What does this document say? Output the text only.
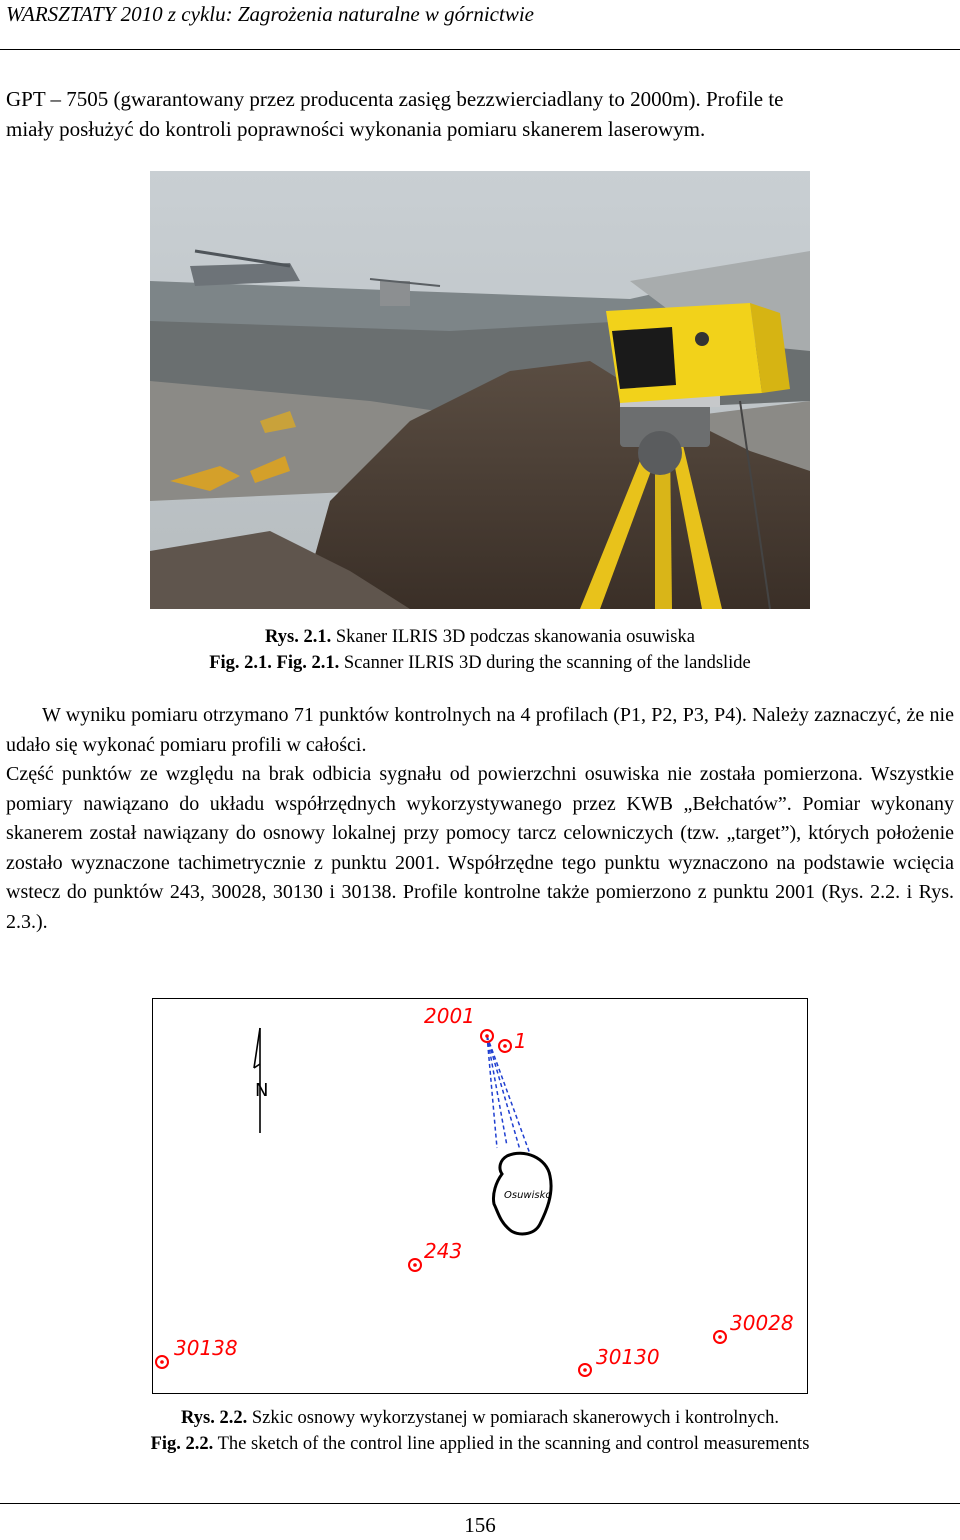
WARSZTATY 2010 z cyklu: Zagrożenia naturalne w górnictwie
GPT – 7505 (gwarantowany przez producenta zasięg bezzwierciadlany to 2000m). Profile te
miały posłużyć do kontroli poprawności wykonania pomiaru skanerem laserowym.
Rys. 2.1. Skaner ILRIS 3D podczas skanowania osuwiska
Fig. 2.1. Fig. 2.1. Scanner ILRIS 3D during the scanning of the landslide
W wyniku pomiaru otrzymano 71 punktów kontrolnych na 4 profilach (P1, P2, P3, P4). Należy zaznaczyć, że nie udało się wykonać pomiaru profili w całości.
Część punktów ze względu na brak odbicia sygnału od powierzchni osuwiska nie została pomierzona. Wszystkie pomiary nawiązano do układu współrzędnych wykorzystywanego przez KWB „Bełchatów”. Pomiar wykonany skanerem został nawiązany do osnowy lokalnej przy pomocy tarcz celowniczych (tzw. „target”), których położenie zostało wyznaczone tachimetrycznie z punktu 2001. Współrzędne tego punktu wyznaczono na podstawie wcięcia wstecz do punktów 243, 30028, 30130 i 30138. Profile kontrolne także pomierzono z punktu 2001 (Rys. 2.2. i Rys. 2.3.).
N
Osuwisko
2001
1
243
30028
30130
30138
Rys. 2.2. Szkic osnowy wykorzystanej w pomiarach skanerowych i kontrolnych.
Fig. 2.2. The sketch of the control line applied in the scanning and control measurements
156
